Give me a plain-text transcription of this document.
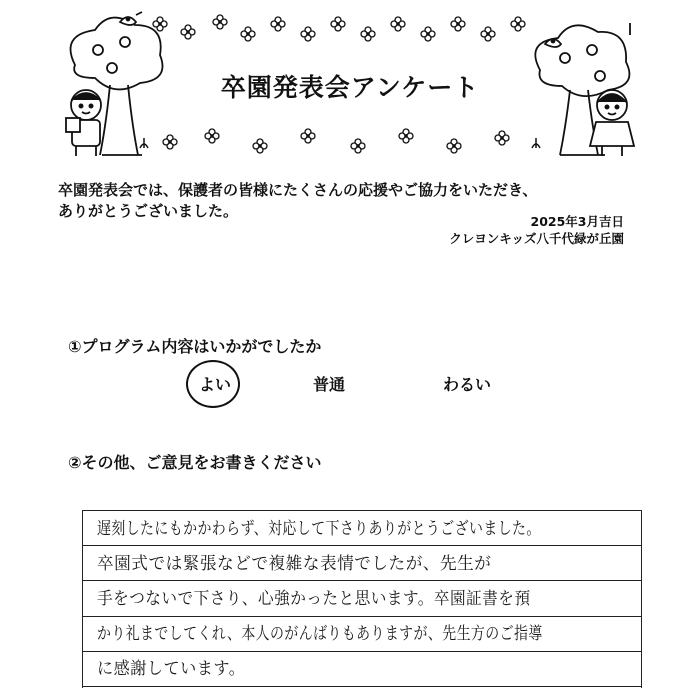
卒園発表会アンケート
卒園発表会では、保護者の皆様にたくさんの応援やご協力をいただき、
ありがとうございました。
2025年3月吉日
クレヨンキッズ八千代緑が丘園
①プログラム内容はいかがでしたか
よい	普通	わるい
②その他、ご意見をお書きください
遅刻したにもかかわらず、対応して下さりありがとうございました。
卒園式では緊張などで複雑な表情でしたが、先生が
手をつないで下さり、心強かったと思います。卒園証書を預
かり礼までしてくれ、本人のがんばりもありますが、先生方のご指導
に感謝しています。
